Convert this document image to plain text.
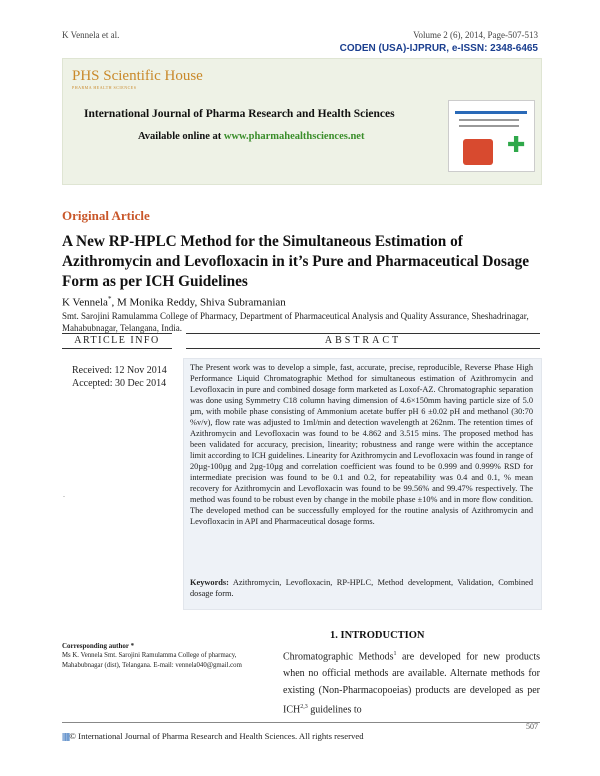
K Vennela et al.	Volume 2 (6), 2014, Page-507-513
CODEN (USA)-IJPRUR, e-ISSN: 2348-6465
PHS Scientific House
PHARMA HEALTH SCIENCES
International Journal of Pharma Research and Health Sciences
Available online at www.pharmahealthsciences.net	✚
Original Article
A New RP-HPLC Method for the Simultaneous Estimation of Azithromycin and Levofloxacin in it’s Pure and Pharmaceutical Dosage Form as per ICH Guidelines
K Vennela*, M Monika Reddy, Shiva Subramanian
Smt. Sarojini Ramulamma College of Pharmacy, Department of Pharmaceutical Analysis and Quality Assurance, Sheshadrinagar, Mahabubnagar, Telangana, India.
ARTICLE INFO	ABSTRACT
Received: 12 Nov 2014
Accepted: 30 Dec 2014
.
The Present work was to develop a simple, fast, accurate, precise, reproducible, Reverse Phase High Performance Liquid Chromatographic Method for simultaneous estimation of Azithromycin and Levofloxacin in pure and combined dosage form marketed as Loxof-AZ. Chromatographic separation was done using Symmetry C18 column having dimension of 4.6×150mm having particle size of 5.0 µm, with mobile phase consisting of Ammonium acetate buffer pH 6 ±0.02 pH and methanol (30:70 %v/v), flow rate was adjusted to 1ml/min and detection wavelength at 262nm. The retention times of Azithromycin and Levofloxacin was found to be 4.862 and 3.515 mins. The proposed method has been validated for accuracy, precision, linearity; robustness and range were within the acceptance limit according to ICH guidelines. Linearity for Azithromycin and Levofloxacin was found in range of 20µg-100µg and 2µg-10µg and correlation coefficient was found to be 0.999 and 0.999% RSD for intermediate precision was found to be 0.1 and 0.2, for repeatability was 0.4 and 0.1, % mean recovery for Azithromycin and Levofloxacin was found to be 99.56% and 99.47% respectively. The method was found to be robust even by change in the mobile phase ±10% and in more flow condition. The developed method can be successfully employed for the routine analysis of Azithromycin and Levofloxacin in API and Pharmaceutical dosage forms.
Keywords: Azithromycin, Levofloxacin, RP-HPLC, Method development, Validation, Combined dosage form.
Corresponding author *
Ms K. Vennela Smt. Sarojini Ramulamma College of pharmacy, Mahabubnagar (dist), Telangana. E-mail: vennela040@gmail.com
1. INTRODUCTION
Chromatographic Methods$^1$ are developed for new products when no official methods are available. Alternate methods for existing (Non-Pharmacopoeias) products are developed as per ICH$^{2,3}$ guidelines to
507
||||||||||© International Journal of Pharma Research and Health Sciences. All rights reserved
